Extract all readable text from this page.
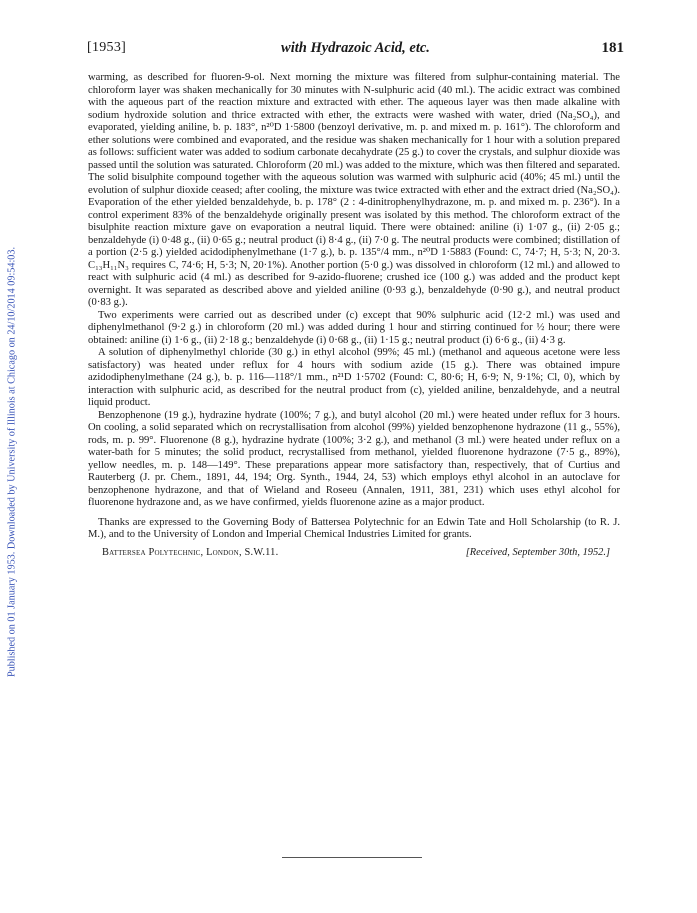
Published on 01 January 1953. Downloaded by University of Illinois at Chicago on 24/10/2014 09:54:03.
[1953]	with Hydrazoic Acid, etc.	181

warming, as described for fluoren-9-ol. Next morning the mixture was filtered from sulphur-containing material. The chloroform layer was shaken mechanically for 30 minutes with N-sulphuric acid (40 ml.). The acidic extract was combined with the aqueous part of the reaction mixture and extracted with ether. The aqueous layer was then made alkaline with sodium hydroxide solution and thrice extracted with ether, the extracts were washed with water, dried (Na₂SO₄), and evaporated, yielding aniline, b. p. 183°, n²⁰D 1·5800 (benzoyl derivative, m. p. and mixed m. p. 161°). The chloroform and ether solutions were combined and evaporated, and the residue was shaken mechanically for 1 hour with a solution prepared as follows: sufficient water was added to sodium carbonate decahydrate (25 g.) to cover the crystals, and sulphur dioxide was passed until the solution was saturated. Chloroform (20 ml.) was added to the mixture, which was then filtered and separated. The solid bisulphite compound together with the aqueous solution was warmed with sulphuric acid (40%; 45 ml.) until the evolution of sulphur dioxide ceased; after cooling, the mixture was twice extracted with ether and the extract dried (Na₂SO₄). Evaporation of the ether yielded benzaldehyde, b. p. 178° (2 : 4-dinitrophenylhydrazone, m. p. and mixed m. p. 236°). In a control experiment 83% of the benzaldehyde originally present was isolated by this method. The chloroform extract of the bisulphite reaction mixture gave on evaporation a neutral liquid. There were obtained: aniline (i) 1·07 g., (ii) 2·05 g.; benzaldehyde (i) 0·48 g., (ii) 0·65 g.; neutral product (i) 8·4 g., (ii) 7·0 g. The neutral products were combined; distillation of a portion (2·5 g.) yielded acidodiphenylmethane (1·7 g.), b. p. 135°/4 mm., n²⁰D 1·5883 (Found: C, 74·7; H, 5·3; N, 20·3. C₁₃H₁₁N₃ requires C, 74·6; H, 5·3; N, 20·1%). Another portion (5·0 g.) was dissolved in chloroform (12 ml.) and allowed to react with sulphuric acid (4 ml.) as described for 9-azido-fluorene; crushed ice (100 g.) was added and the product kept overnight. It was separated as described above and yielded aniline (0·93 g.), benzaldehyde (0·90 g.), and neutral product (0·83 g.).

Two experiments were carried out as described under (c) except that 90% sulphuric acid (12·2 ml.) was used and diphenylmethanol (9·2 g.) in chloroform (20 ml.) was added during 1 hour and stirring continued for ½ hour; there were obtained: aniline (i) 1·6 g., (ii) 2·18 g.; benzaldehyde (i) 0·68 g., (ii) 1·15 g.; neutral product (i) 6·6 g., (ii) 4·3 g.

A solution of diphenylmethyl chloride (30 g.) in ethyl alcohol (99%; 45 ml.) (methanol and aqueous acetone were less satisfactory) was heated under reflux for 4 hours with sodium azide (15 g.). There was obtained impure azidodiphenylmethane (24 g.), b. p. 116—118°/1 mm., n²¹D 1·5702 (Found: C, 80·6; H, 6·9; N, 9·1%; Cl, 0), which by interaction with sulphuric acid, as described for the neutral product from (c), yielded aniline, benzaldehyde, and a neutral liquid product.

Benzophenone (19 g.), hydrazine hydrate (100%; 7 g.), and butyl alcohol (20 ml.) were heated under reflux for 3 hours. On cooling, a solid separated which on recrystallisation from alcohol (99%) yielded benzophenone hydrazone (11 g., 55%), rods, m. p. 99°. Fluorenone (8 g.), hydrazine hydrate (100%; 3·2 g.), and methanol (3 ml.) were heated under reflux on a water-bath for 5 minutes; the solid product, recrystallised from methanol, yielded fluorenone hydrazone (7·5 g., 89%), yellow needles, m. p. 148—149°. These preparations appear more satisfactory than, respectively, that of Curtius and Rauterberg (J. pr. Chem., 1891, 44, 194; Org. Synth., 1944, 24, 53) which employs ethyl alcohol in an autoclave for benzophenone hydrazone, and that of Wieland and Roseeu (Annalen, 1911, 381, 231) which uses ethyl alcohol for fluorenone hydrazone and, as we have confirmed, yields fluorenone azine as a major product.

Thanks are expressed to the Governing Body of Battersea Polytechnic for an Edwin Tate and Holl Scholarship (to R. J. M.), and to the University of London and Imperial Chemical Industries Limited for grants.

Battersea Polytechnic, London, S.W.11.	[Received, September 30th, 1952.]
